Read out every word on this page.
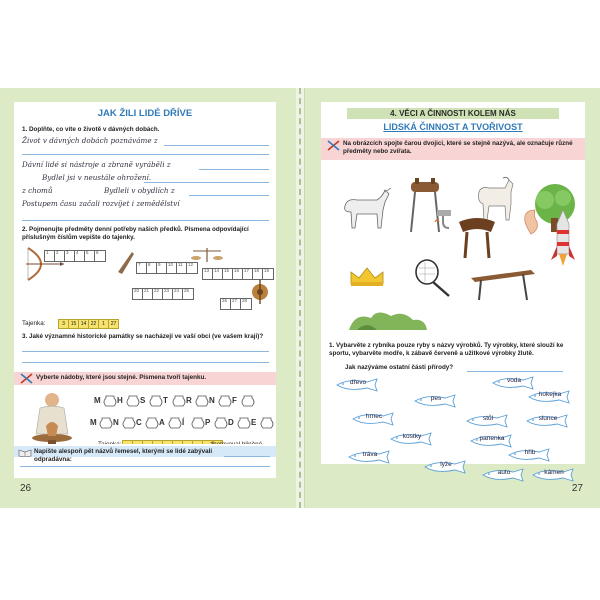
JAK ŽILI LIDÉ DŘÍVE
1. Doplňte, co víte o životě v dávných dobách.
Život v dávných dobách poznáváme z
Dávní lidé si nástroje a zbraně vyráběli z
Bydlel jsi v neustále ohrožení.
z chomů	Bydleli v obydlích z
Postupem času začali rozvíjet i zemědělství
2. Pojmenujte předměty denní potřeby našich předků. Písmena odpovídající příslušným číslům vepište do tajenky.
1 2 3 4 5 6
7 8 9 10 11 12
13 14 15 16 17 18 19
20 21 22 23 24 25
26 27 28
Tajenka:	3	15 14 22	1	27
3. Jaké významné historické památky se nacházejí ve vaší obci (ve vašem kraji)?
Vyberte nádoby, které jsou stejné. Písmena tvoří tajenku.
M H S T R N F
M N C A Í	P D E
Napište alespoň pět názvů řemesel, kterými se lidé zabývali odpradávna:
26
4. VĚCI A ČINNOSTI KOLEM NÁS
LIDSKÁ ČINNOST A TVOŘIVOST
Na obrázcích spojte čarou dvojici, které se stejně nazývá, ale označuje různé předměty nebo zvířata.
1. Vybarvěte z rybníka pouze ryby s názvy výrobků. Ty výrobky, které slouží ke sportu, vybarvěte modře, k zábavě červeně a užitkové výrobky žlutě.
Jak nazýváme ostatní části přírody?
dřevo	voda
pes
hokejka
hrnec	stůl	slunce
kostky	panenka
hřib
tráva
lyže
auto	kámen
27
